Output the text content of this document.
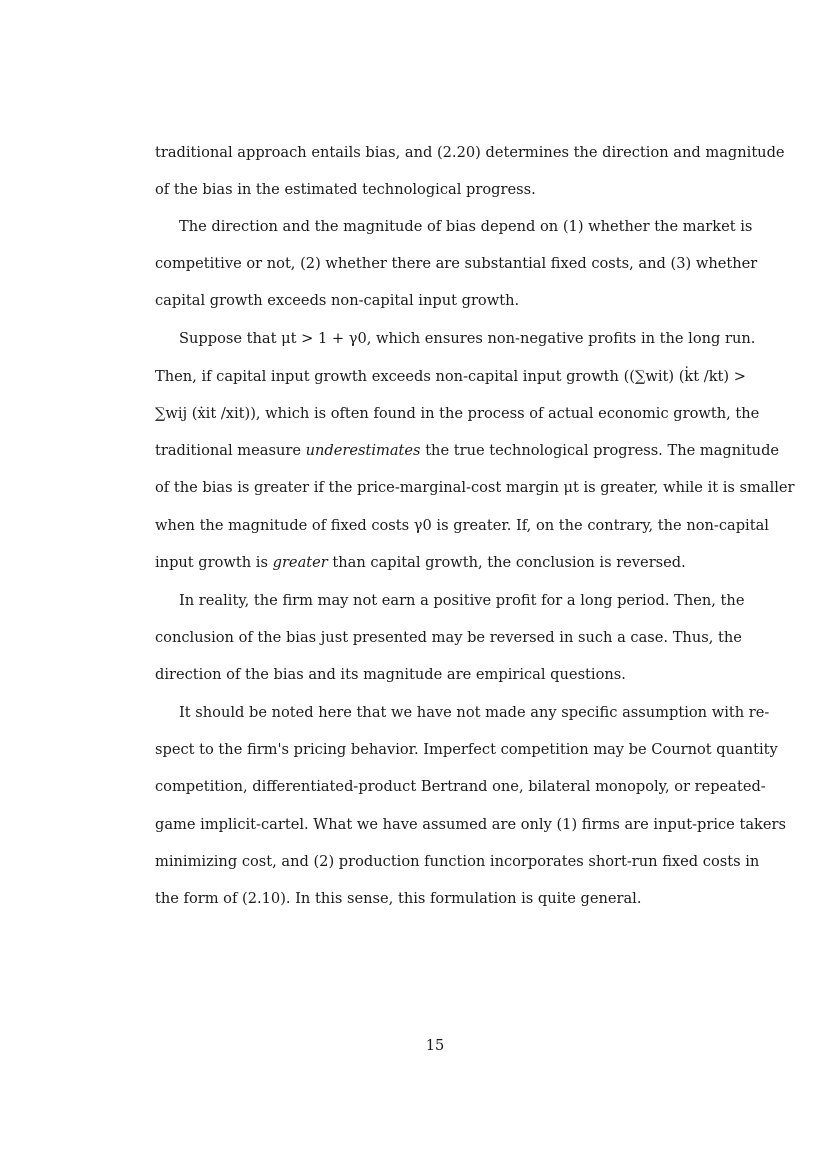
traditional approach entails bias, and (2.20) determines the direction and magnitude
of the bias in the estimated technological progress.
The direction and the magnitude of bias depend on (1) whether the market is
competitive or not, (2) whether there are substantial fixed costs, and (3) whether
capital growth exceeds non-capital input growth.
Suppose that μt > 1 + γ0, which ensures non-negative profits in the long run.
Then, if capital input growth exceeds non-capital input growth ((∑wit) (k̇t /kt) >
∑wij (ẋit /xit)), which is often found in the process of actual economic growth, the
traditional measure underestimates the true technological progress. The magnitude
of the bias is greater if the price-marginal-cost margin μt is greater, while it is smaller
when the magnitude of fixed costs γ0 is greater. If, on the contrary, the non-capital
input growth is greater than capital growth, the conclusion is reversed.
In reality, the firm may not earn a positive profit for a long period. Then, the
conclusion of the bias just presented may be reversed in such a case. Thus, the
direction of the bias and its magnitude are empirical questions.
It should be noted here that we have not made any specific assumption with re-
spect to the firm's pricing behavior. Imperfect competition may be Cournot quantity
competition, differentiated-product Bertrand one, bilateral monopoly, or repeated-
game implicit-cartel. What we have assumed are only (1) firms are input-price takers
minimizing cost, and (2) production function incorporates short-run fixed costs in
the form of (2.10). In this sense, this formulation is quite general.
15
